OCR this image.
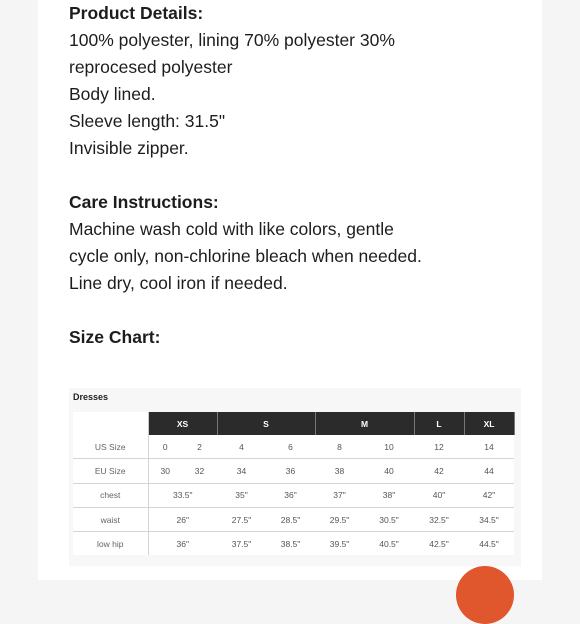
Product Details:
100% polyester, lining 70% polyester 30%
reprocesed polyester
Body lined.
Sleeve length: 31.5"
Invisible zipper.
Care Instructions:
Machine wash cold with like colors, gentle
cycle only, non-chlorine bleach when needed.
Line dry, cool iron if needed.
Size Chart:
Dresses
	XS		S		M		L	XL
US Size	0	2	4	6	8	10	12	14
EU Size	30	32	34	36	38	40	42	44
chest	33.5"		35"	36"	37"	38"	40"	42"
waist	26"		27.5"	28.5"	29.5"	30.5"	32.5"	34.5"
low hip	36"		37.5"	38.5"	39.5"	40.5"	42.5"	44.5"
